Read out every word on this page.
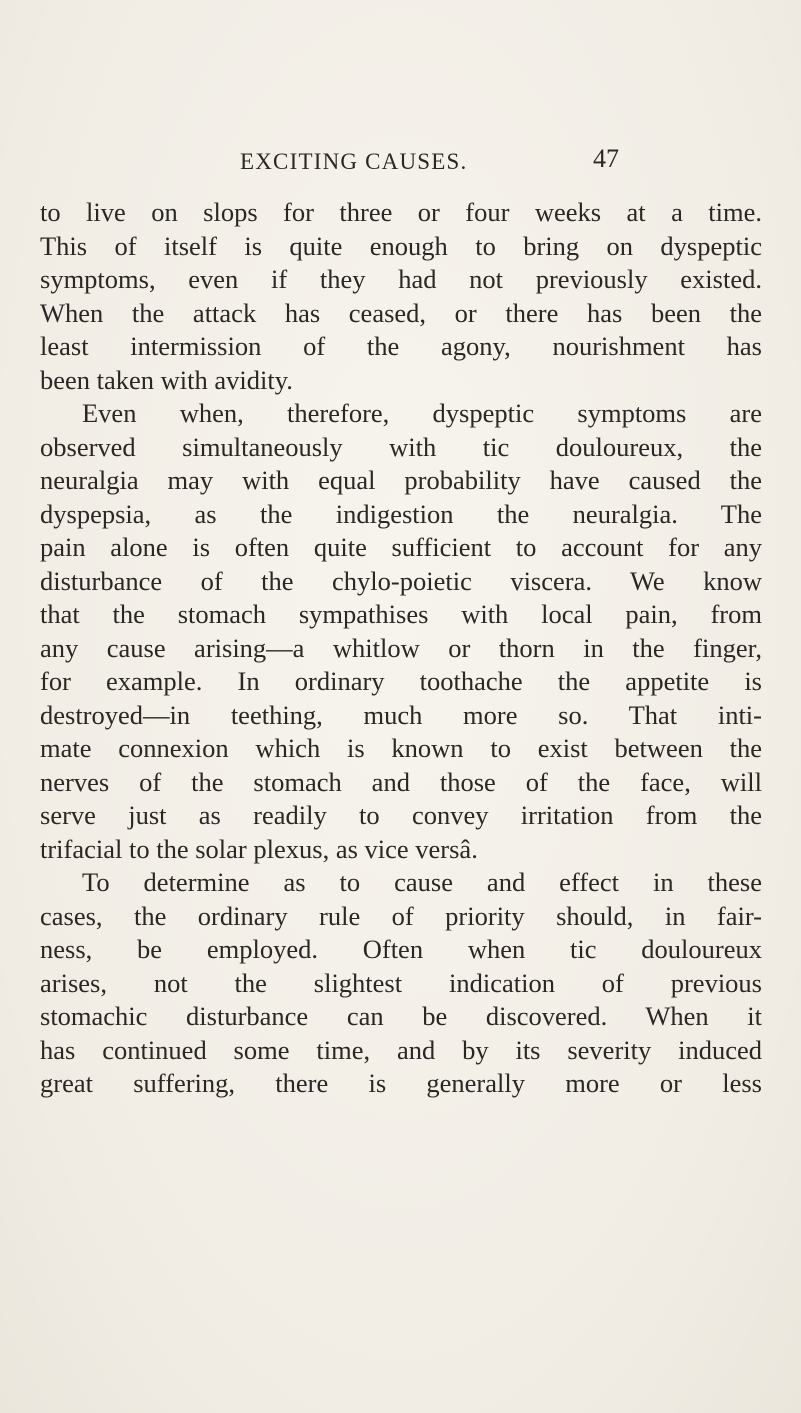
EXCITING CAUSES.	47
to live on slops for three or four weeks at a time.
This of itself is quite enough to bring on dyspeptic
symptoms, even if they had not previously existed.
When the attack has ceased, or there has been the
least intermission of the agony, nourishment has
been taken with avidity.
Even when, therefore, dyspeptic symptoms are
observed simultaneously with tic douloureux, the
neuralgia may with equal probability have caused the
dyspepsia, as the indigestion the neuralgia. The
pain alone is often quite sufficient to account for any
disturbance of the chylo-poietic viscera. We know
that the stomach sympathises with local pain, from
any cause arising—a whitlow or thorn in the finger,
for example. In ordinary toothache the appetite is
destroyed—in teething, much more so. That inti-
mate connexion which is known to exist between the
nerves of the stomach and those of the face, will
serve just as readily to convey irritation from the
trifacial to the solar plexus, as vice versâ.
To determine as to cause and effect in these
cases, the ordinary rule of priority should, in fair-
ness, be employed. Often when tic douloureux
arises, not the slightest indication of previous
stomachic disturbance can be discovered. When it
has continued some time, and by its severity induced
great suffering, there is generally more or less
